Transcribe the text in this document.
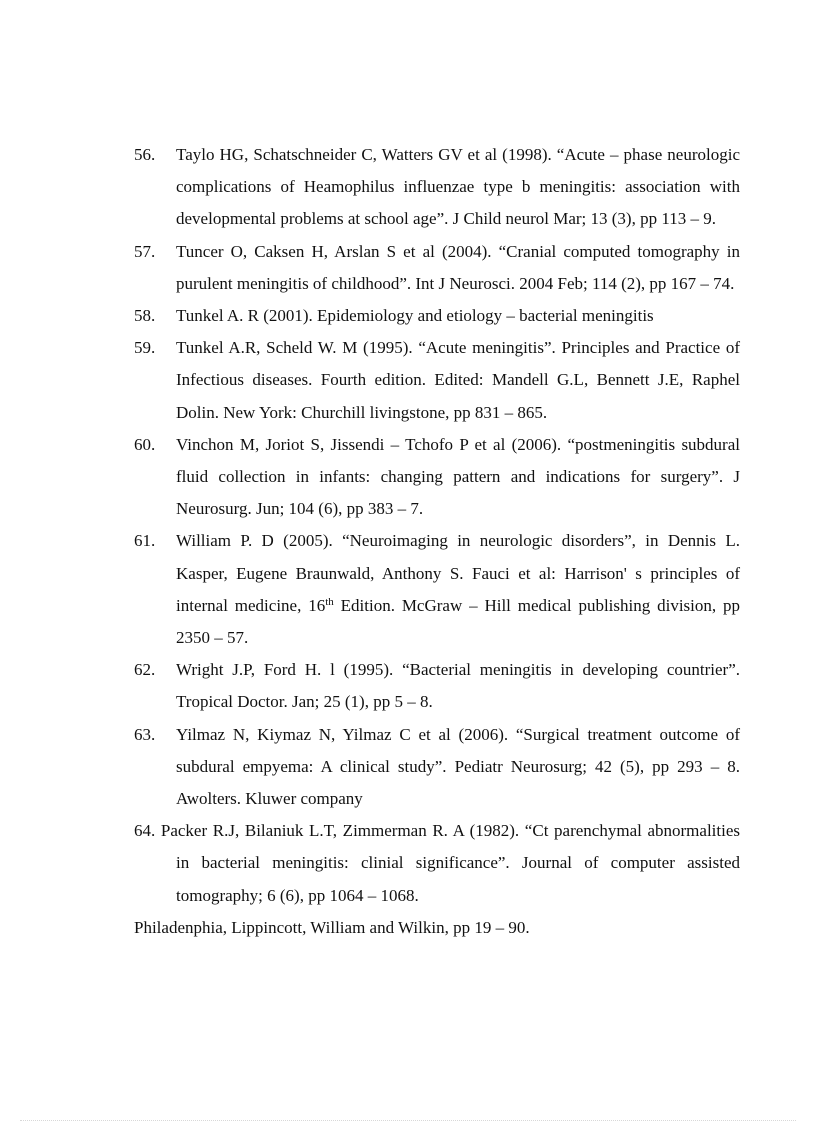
56. Taylo HG, Schatschneider C, Watters GV et al (1998). “Acute – phase neurologic complications of Heamophilus influenzae type b meningitis: association with developmental problems at school age”. J Child neurol Mar; 13 (3), pp 113 – 9.
57. Tuncer O, Caksen H, Arslan S et al (2004). “Cranial computed tomography in purulent meningitis of childhood”. Int J Neurosci. 2004 Feb; 114 (2), pp 167 – 74.
58. Tunkel A. R (2001). Epidemiology and etiology – bacterial meningitis
59. Tunkel A.R, Scheld W. M (1995). “Acute meningitis”. Principles and Practice of Infectious diseases. Fourth edition. Edited: Mandell G.L, Bennett J.E, Raphel Dolin. New York: Churchill livingstone, pp 831 – 865.
60. Vinchon M, Joriot S, Jissendi – Tchofo P et al (2006). “postmeningitis subdural fluid collection in infants: changing pattern and indications for surgery”. J Neurosurg. Jun; 104 (6), pp 383 – 7.
61. William P. D (2005). “Neuroimaging in neurologic disorders”, in Dennis L. Kasper, Eugene Braunwald, Anthony S. Fauci et al: Harrison' s principles of internal medicine, 16th Edition. McGraw – Hill medical publishing division, pp 2350 – 57.
62. Wright J.P, Ford H. l (1995). “Bacterial meningitis in developing countrier”. Tropical Doctor. Jan; 25 (1), pp 5 – 8.
63. Yilmaz N, Kiymaz N, Yilmaz C et al (2006). “Surgical treatment outcome of subdural empyema: A clinical study”. Pediatr Neurosurg; 42 (5), pp 293 – 8. Awolters. Kluwer company
64. Packer R.J, Bilaniuk L.T, Zimmerman R. A (1982). “Ct parenchymal abnormalities in bacterial meningitis: clinial significance”. Journal of computer assisted tomography; 6 (6), pp 1064 – 1068.
Philadenphia, Lippincott, William and Wilkin, pp 19 – 90.
